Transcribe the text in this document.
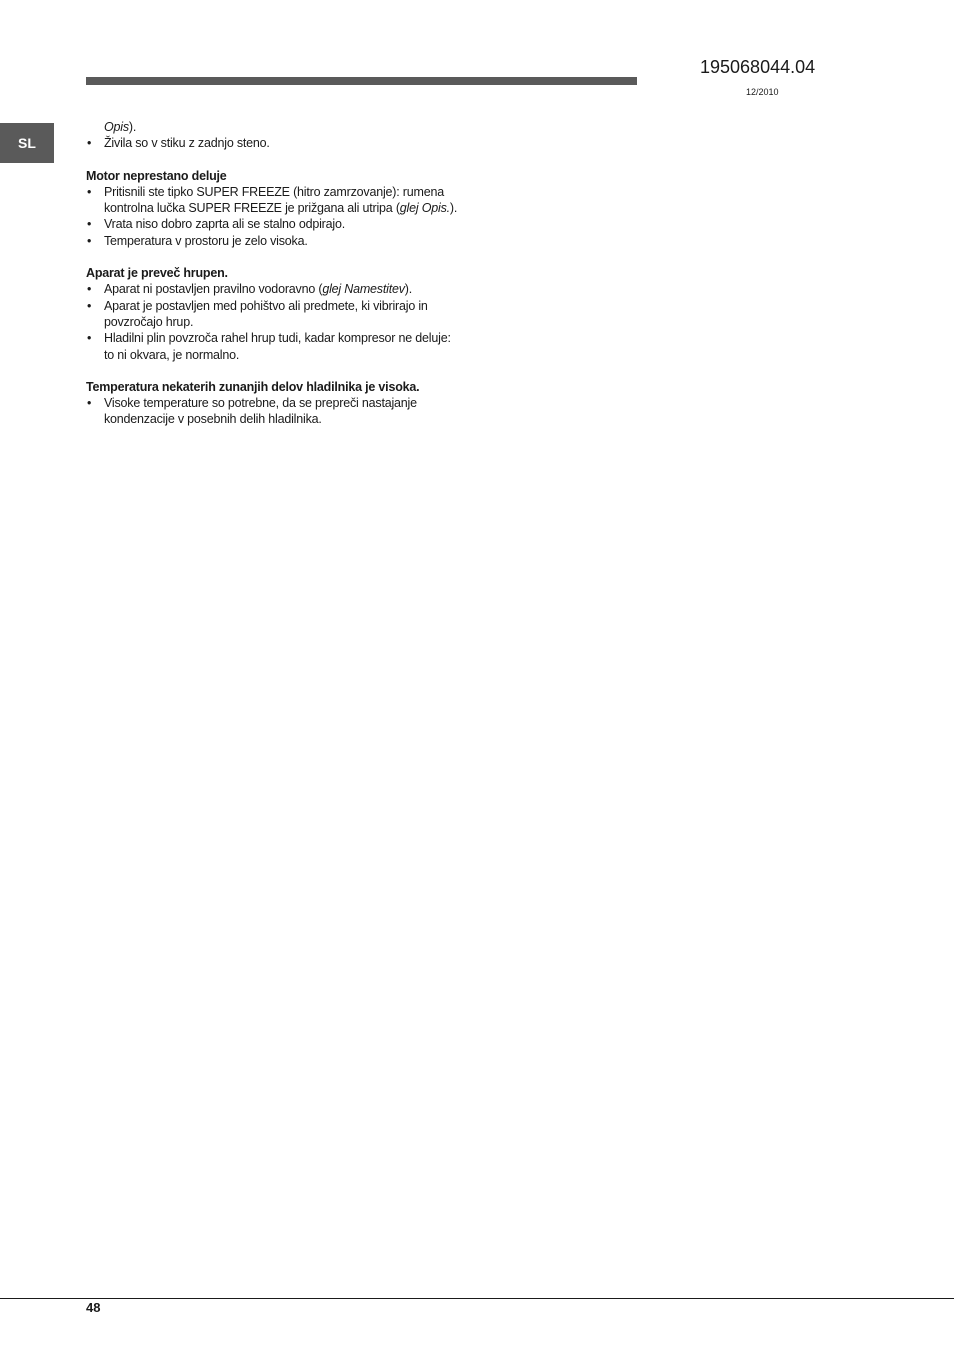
195068044.04
12/2010
SL
Opis).
• Živila so v stiku z zadnjo steno.
Motor neprestano deluje
• Pritisnili ste tipko SUPER FREEZE (hitro zamrzovanje): rumena
kontrolna lučka SUPER FREEZE je prižgana ali utripa (glej Opis.).
• Vrata niso dobro zaprta ali se stalno odpirajo.
• Temperatura v prostoru je zelo visoka.
Aparat je preveč hrupen.
• Aparat ni postavljen pravilno vodoravno (glej Namestitev).
• Aparat je postavljen med pohištvo ali predmete, ki vibrirajo in
povzročajo hrup.
• Hladilni plin povzroča rahel hrup tudi, kadar kompresor ne deluje:
to ni okvara, je normalno.
Temperatura nekaterih zunanjih delov hladilnika je visoka.
• Visoke temperature so potrebne, da se prepreči nastajanje
kondenzacije v posebnih delih hladilnika.
48
